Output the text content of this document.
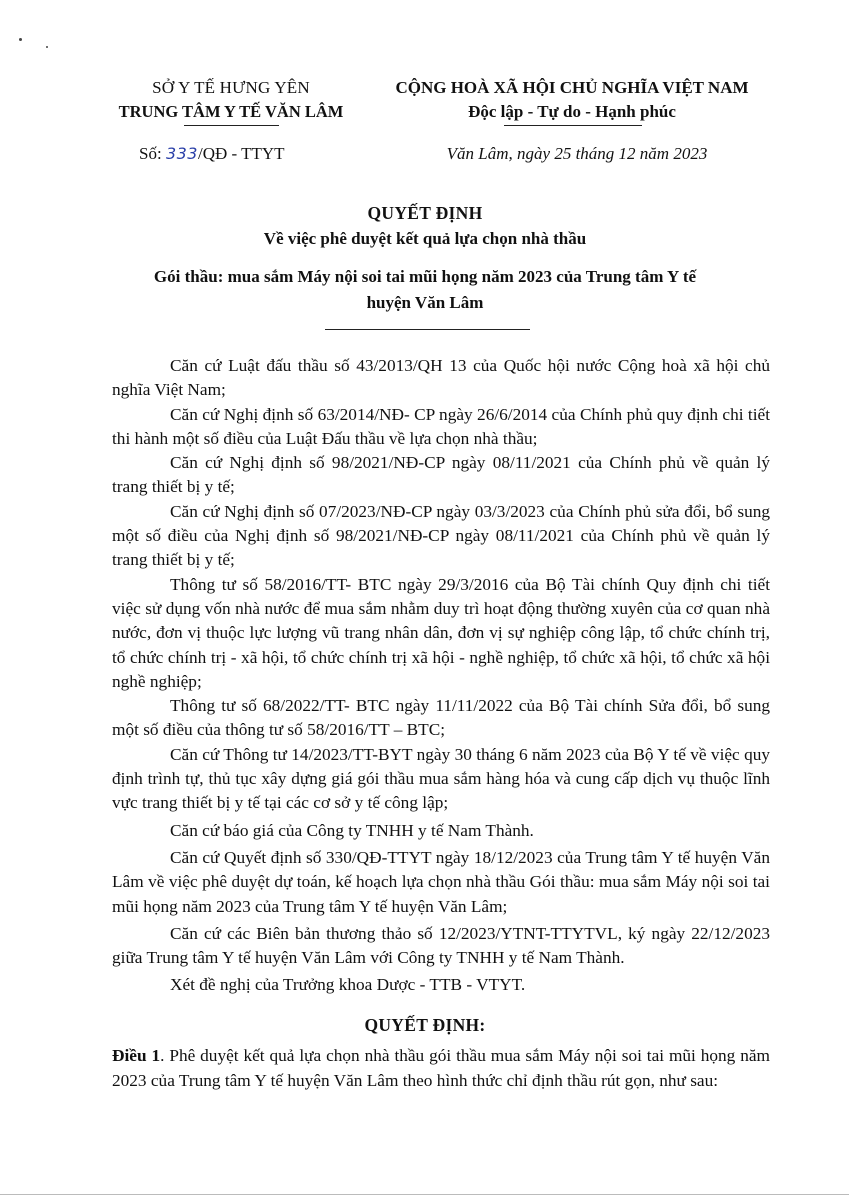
SỞ Y TẾ HƯNG YÊN
TRUNG TÂM Y TẾ VĂN LÂM
CỘNG HOÀ XÃ HỘI CHỦ NGHĨA VIỆT NAM
Độc lập - Tự do - Hạnh phúc
Số: 333/QĐ - TTYT	Văn Lâm, ngày 25 tháng 12 năm 2023
QUYẾT ĐỊNH
Về việc phê duyệt kết quả lựa chọn nhà thầu
Gói thầu: mua sắm Máy nội soi tai mũi họng năm 2023 của Trung tâm Y tế
huyện Văn Lâm

Căn cứ Luật đấu thầu số 43/2013/QH 13 của Quốc hội nước Cộng hoà xã hội chủ nghĩa Việt Nam;

Căn cứ Nghị định số 63/2014/NĐ- CP ngày 26/6/2014 của Chính phủ quy định chi tiết thi hành một số điều của Luật Đấu thầu về lựa chọn nhà thầu;

Căn cứ Nghị định số 98/2021/NĐ-CP ngày 08/11/2021 của Chính phủ về quản lý trang thiết bị y tế;

Căn cứ Nghị định số 07/2023/NĐ-CP ngày 03/3/2023 của Chính phủ sửa đổi, bổ sung một số điều của Nghị định số 98/2021/NĐ-CP ngày 08/11/2021 của Chính phủ về quản lý trang thiết bị y tế;

Thông tư số 58/2016/TT- BTC ngày 29/3/2016 của Bộ Tài chính Quy định chi tiết việc sử dụng vốn nhà nước để mua sắm nhằm duy trì hoạt động thường xuyên của cơ quan nhà nước, đơn vị thuộc lực lượng vũ trang nhân dân, đơn vị sự nghiệp công lập, tổ chức chính trị, tổ chức chính trị - xã hội, tổ chức chính trị xã hội - nghề nghiệp, tổ chức xã hội, tổ chức xã hội nghề nghiệp;

Thông tư số 68/2022/TT- BTC ngày 11/11/2022 của Bộ Tài chính Sửa đổi, bổ sung một số điều của thông tư số 58/2016/TT – BTC;

Căn cứ Thông tư 14/2023/TT-BYT ngày 30 tháng 6 năm 2023 của Bộ Y tế về việc quy định trình tự, thủ tục xây dựng giá gói thầu mua sắm hàng hóa và cung cấp dịch vụ thuộc lĩnh vực trang thiết bị y tế tại các cơ sở y tế công lập;

Căn cứ báo giá của Công ty TNHH y tế Nam Thành.

Căn cứ Quyết định số 330/QĐ-TTYT ngày 18/12/2023 của Trung tâm Y tế huyện Văn Lâm về việc phê duyệt dự toán, kế hoạch lựa chọn nhà thầu Gói thầu: mua sắm Máy nội soi tai mũi họng năm 2023 của Trung tâm Y tế huyện Văn Lâm;

Căn cứ các Biên bản thương thảo số 12/2023/YTNT-TTYTVL, ký ngày 22/12/2023 giữa Trung tâm Y tế huyện Văn Lâm với Công ty TNHH y tế Nam Thành.

Xét đề nghị của Trưởng khoa Dược - TTB - VTYT.

QUYẾT ĐỊNH:
Điều 1. Phê duyệt kết quả lựa chọn nhà thầu gói thầu mua sắm Máy nội soi tai mũi họng năm 2023 của Trung tâm Y tế huyện Văn Lâm theo hình thức chỉ định thầu rút gọn, như sau:
